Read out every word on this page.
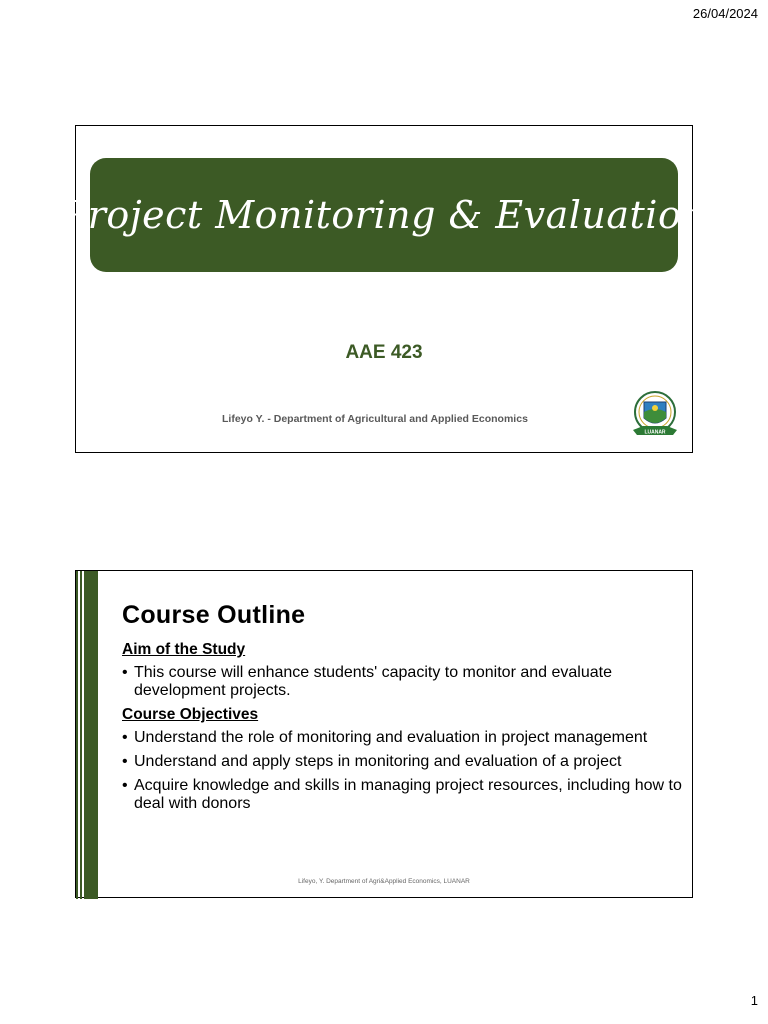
26/04/2024
Project Monitoring & Evaluation
AAE 423
Lifeyo Y. - Department of Agricultural and Applied Economics
LUANAR
Course Outline
Aim of the Study
• This course will enhance students' capacity to monitor and evaluate development projects.
Course Objectives
• Understand the role of monitoring and evaluation in project management
• Understand and apply steps in monitoring and evaluation of a project
• Acquire knowledge and skills in managing project resources, including how to deal with donors
Lifeyo, Y. Department of Agri&Applied Economics, LUANAR
1
